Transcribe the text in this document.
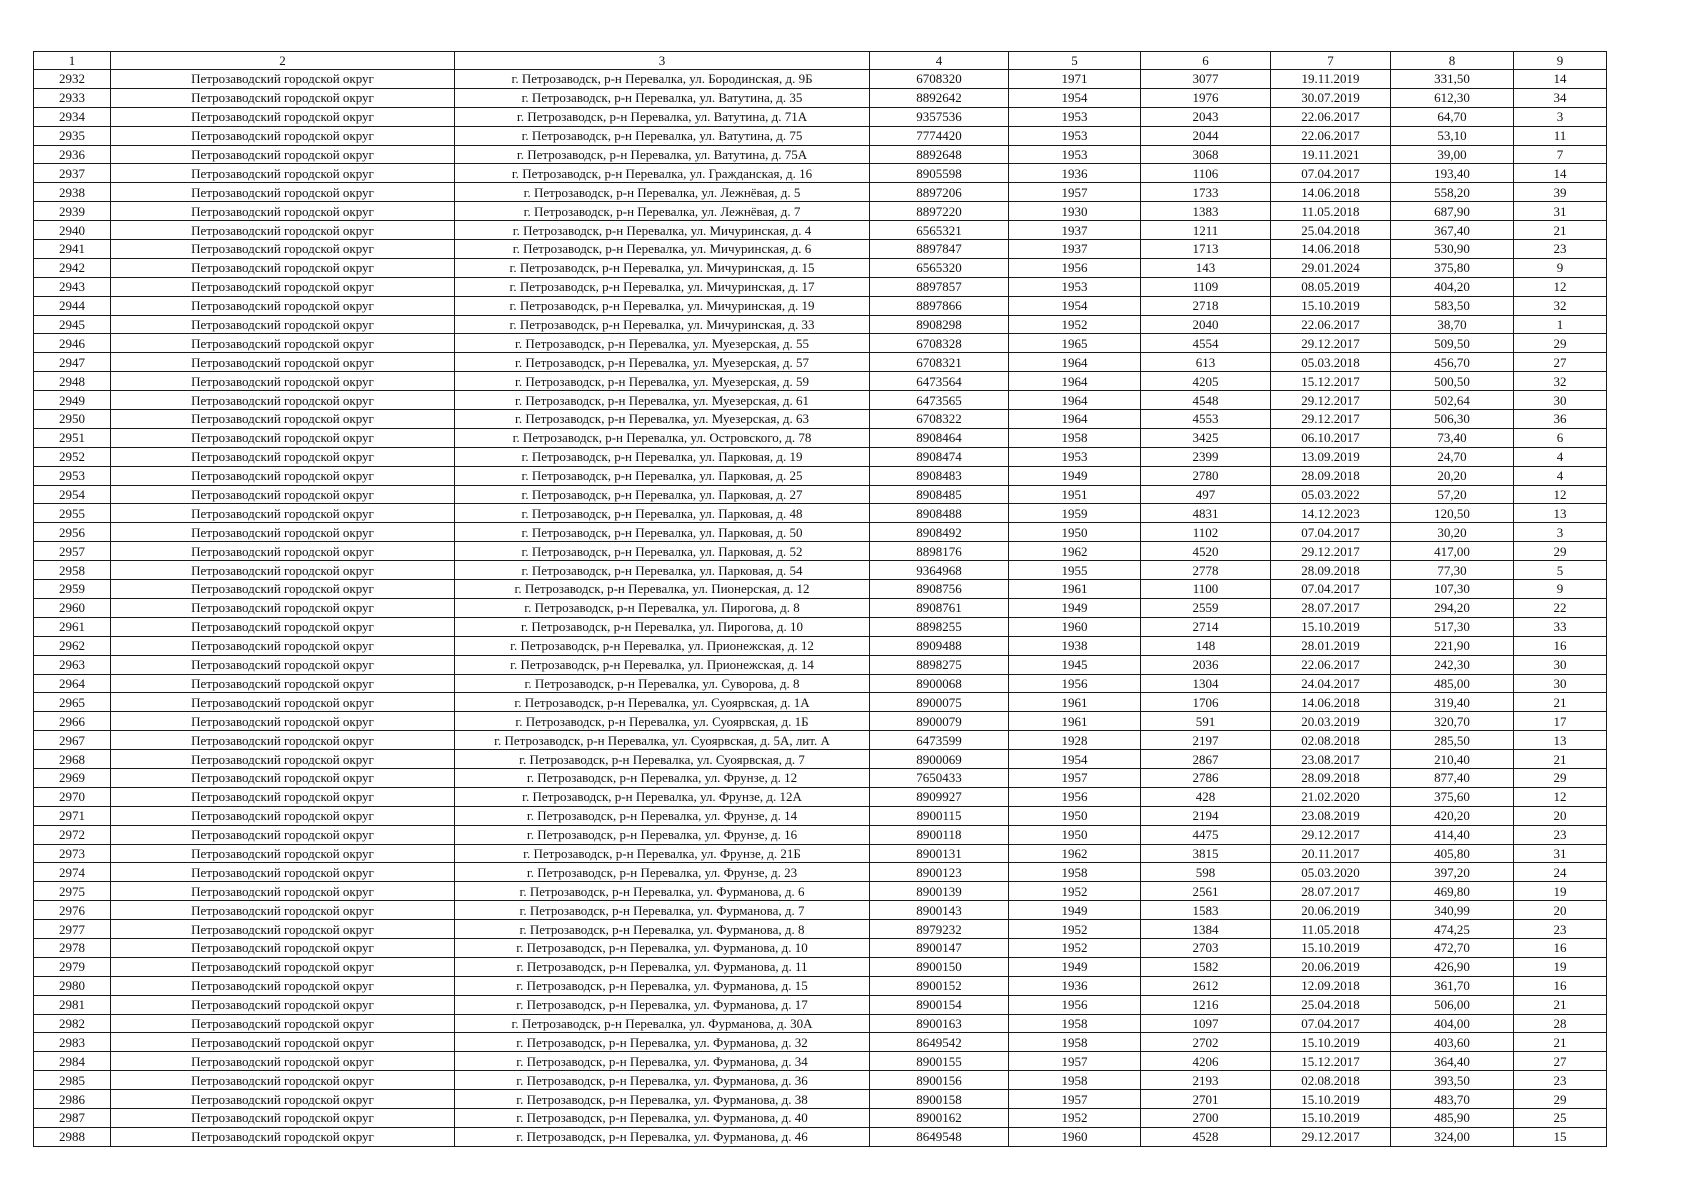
1	2	3	4	5	6	7	8	9
2932	Петрозаводский городской округ	г. Петрозаводск, р-н Перевалка, ул. Бородинская, д. 9Б	6708320	1971	3077	19.11.2019	331,50	14
2933	Петрозаводский городской округ	г. Петрозаводск, р-н Перевалка, ул. Ватутина, д. 35	8892642	1954	1976	30.07.2019	612,30	34
2934	Петрозаводский городской округ	г. Петрозаводск, р-н Перевалка, ул. Ватутина, д. 71А	9357536	1953	2043	22.06.2017	64,70	3
2935	Петрозаводский городской округ	г. Петрозаводск, р-н Перевалка, ул. Ватутина, д. 75	7774420	1953	2044	22.06.2017	53,10	11
2936	Петрозаводский городской округ	г. Петрозаводск, р-н Перевалка, ул. Ватутина, д. 75А	8892648	1953	3068	19.11.2021	39,00	7
2937	Петрозаводский городской округ	г. Петрозаводск, р-н Перевалка, ул. Гражданская, д. 16	8905598	1936	1106	07.04.2017	193,40	14
2938	Петрозаводский городской округ	г. Петрозаводск, р-н Перевалка, ул. Лежнёвая, д. 5	8897206	1957	1733	14.06.2018	558,20	39
2939	Петрозаводский городской округ	г. Петрозаводск, р-н Перевалка, ул. Лежнёвая, д. 7	8897220	1930	1383	11.05.2018	687,90	31
2940	Петрозаводский городской округ	г. Петрозаводск, р-н Перевалка, ул. Мичуринская, д. 4	6565321	1937	1211	25.04.2018	367,40	21
2941	Петрозаводский городской округ	г. Петрозаводск, р-н Перевалка, ул. Мичуринская, д. 6	8897847	1937	1713	14.06.2018	530,90	23
2942	Петрозаводский городской округ	г. Петрозаводск, р-н Перевалка, ул. Мичуринская, д. 15	6565320	1956	143	29.01.2024	375,80	9
2943	Петрозаводский городской округ	г. Петрозаводск, р-н Перевалка, ул. Мичуринская, д. 17	8897857	1953	1109	08.05.2019	404,20	12
2944	Петрозаводский городской округ	г. Петрозаводск, р-н Перевалка, ул. Мичуринская, д. 19	8897866	1954	2718	15.10.2019	583,50	32
2945	Петрозаводский городской округ	г. Петрозаводск, р-н Перевалка, ул. Мичуринская, д. 33	8908298	1952	2040	22.06.2017	38,70	1
2946	Петрозаводский городской округ	г. Петрозаводск, р-н Перевалка, ул. Муезерская, д. 55	6708328	1965	4554	29.12.2017	509,50	29
2947	Петрозаводский городской округ	г. Петрозаводск, р-н Перевалка, ул. Муезерская, д. 57	6708321	1964	613	05.03.2018	456,70	27
2948	Петрозаводский городской округ	г. Петрозаводск, р-н Перевалка, ул. Муезерская, д. 59	6473564	1964	4205	15.12.2017	500,50	32
2949	Петрозаводский городской округ	г. Петрозаводск, р-н Перевалка, ул. Муезерская, д. 61	6473565	1964	4548	29.12.2017	502,64	30
2950	Петрозаводский городской округ	г. Петрозаводск, р-н Перевалка, ул. Муезерская, д. 63	6708322	1964	4553	29.12.2017	506,30	36
2951	Петрозаводский городской округ	г. Петрозаводск, р-н Перевалка, ул. Островского, д. 78	8908464	1958	3425	06.10.2017	73,40	6
2952	Петрозаводский городской округ	г. Петрозаводск, р-н Перевалка, ул. Парковая, д. 19	8908474	1953	2399	13.09.2019	24,70	4
2953	Петрозаводский городской округ	г. Петрозаводск, р-н Перевалка, ул. Парковая, д. 25	8908483	1949	2780	28.09.2018	20,20	4
2954	Петрозаводский городской округ	г. Петрозаводск, р-н Перевалка, ул. Парковая, д. 27	8908485	1951	497	05.03.2022	57,20	12
2955	Петрозаводский городской округ	г. Петрозаводск, р-н Перевалка, ул. Парковая, д. 48	8908488	1959	4831	14.12.2023	120,50	13
2956	Петрозаводский городской округ	г. Петрозаводск, р-н Перевалка, ул. Парковая, д. 50	8908492	1950	1102	07.04.2017	30,20	3
2957	Петрозаводский городской округ	г. Петрозаводск, р-н Перевалка, ул. Парковая, д. 52	8898176	1962	4520	29.12.2017	417,00	29
2958	Петрозаводский городской округ	г. Петрозаводск, р-н Перевалка, ул. Парковая, д. 54	9364968	1955	2778	28.09.2018	77,30	5
2959	Петрозаводский городской округ	г. Петрозаводск, р-н Перевалка, ул. Пионерская, д. 12	8908756	1961	1100	07.04.2017	107,30	9
2960	Петрозаводский городской округ	г. Петрозаводск, р-н Перевалка, ул. Пирогова, д. 8	8908761	1949	2559	28.07.2017	294,20	22
2961	Петрозаводский городской округ	г. Петрозаводск, р-н Перевалка, ул. Пирогова, д. 10	8898255	1960	2714	15.10.2019	517,30	33
2962	Петрозаводский городской округ	г. Петрозаводск, р-н Перевалка, ул. Прионежская, д. 12	8909488	1938	148	28.01.2019	221,90	16
2963	Петрозаводский городской округ	г. Петрозаводск, р-н Перевалка, ул. Прионежская, д. 14	8898275	1945	2036	22.06.2017	242,30	30
2964	Петрозаводский городской округ	г. Петрозаводск, р-н Перевалка, ул. Суворова, д. 8	8900068	1956	1304	24.04.2017	485,00	30
2965	Петрозаводский городской округ	г. Петрозаводск, р-н Перевалка, ул. Суоярвская, д. 1А	8900075	1961	1706	14.06.2018	319,40	21
2966	Петрозаводский городской округ	г. Петрозаводск, р-н Перевалка, ул. Суоярвская, д. 1Б	8900079	1961	591	20.03.2019	320,70	17
2967	Петрозаводский городской округ	г. Петрозаводск, р-н Перевалка, ул. Суоярвская, д. 5А, лит. А	6473599	1928	2197	02.08.2018	285,50	13
2968	Петрозаводский городской округ	г. Петрозаводск, р-н Перевалка, ул. Суоярвская, д. 7	8900069	1954	2867	23.08.2017	210,40	21
2969	Петрозаводский городской округ	г. Петрозаводск, р-н Перевалка, ул. Фрунзе, д. 12	7650433	1957	2786	28.09.2018	877,40	29
2970	Петрозаводский городской округ	г. Петрозаводск, р-н Перевалка, ул. Фрунзе, д. 12А	8909927	1956	428	21.02.2020	375,60	12
2971	Петрозаводский городской округ	г. Петрозаводск, р-н Перевалка, ул. Фрунзе, д. 14	8900115	1950	2194	23.08.2019	420,20	20
2972	Петрозаводский городской округ	г. Петрозаводск, р-н Перевалка, ул. Фрунзе, д. 16	8900118	1950	4475	29.12.2017	414,40	23
2973	Петрозаводский городской округ	г. Петрозаводск, р-н Перевалка, ул. Фрунзе, д. 21Б	8900131	1962	3815	20.11.2017	405,80	31
2974	Петрозаводский городской округ	г. Петрозаводск, р-н Перевалка, ул. Фрунзе, д. 23	8900123	1958	598	05.03.2020	397,20	24
2975	Петрозаводский городской округ	г. Петрозаводск, р-н Перевалка, ул. Фурманова, д. 6	8900139	1952	2561	28.07.2017	469,80	19
2976	Петрозаводский городской округ	г. Петрозаводск, р-н Перевалка, ул. Фурманова, д. 7	8900143	1949	1583	20.06.2019	340,99	20
2977	Петрозаводский городской округ	г. Петрозаводск, р-н Перевалка, ул. Фурманова, д. 8	8979232	1952	1384	11.05.2018	474,25	23
2978	Петрозаводский городской округ	г. Петрозаводск, р-н Перевалка, ул. Фурманова, д. 10	8900147	1952	2703	15.10.2019	472,70	16
2979	Петрозаводский городской округ	г. Петрозаводск, р-н Перевалка, ул. Фурманова, д. 11	8900150	1949	1582	20.06.2019	426,90	19
2980	Петрозаводский городской округ	г. Петрозаводск, р-н Перевалка, ул. Фурманова, д. 15	8900152	1936	2612	12.09.2018	361,70	16
2981	Петрозаводский городской округ	г. Петрозаводск, р-н Перевалка, ул. Фурманова, д. 17	8900154	1956	1216	25.04.2018	506,00	21
2982	Петрозаводский городской округ	г. Петрозаводск, р-н Перевалка, ул. Фурманова, д. 30А	8900163	1958	1097	07.04.2017	404,00	28
2983	Петрозаводский городской округ	г. Петрозаводск, р-н Перевалка, ул. Фурманова, д. 32	8649542	1958	2702	15.10.2019	403,60	21
2984	Петрозаводский городской округ	г. Петрозаводск, р-н Перевалка, ул. Фурманова, д. 34	8900155	1957	4206	15.12.2017	364,40	27
2985	Петрозаводский городской округ	г. Петрозаводск, р-н Перевалка, ул. Фурманова, д. 36	8900156	1958	2193	02.08.2018	393,50	23
2986	Петрозаводский городской округ	г. Петрозаводск, р-н Перевалка, ул. Фурманова, д. 38	8900158	1957	2701	15.10.2019	483,70	29
2987	Петрозаводский городской округ	г. Петрозаводск, р-н Перевалка, ул. Фурманова, д. 40	8900162	1952	2700	15.10.2019	485,90	25
2988	Петрозаводский городской округ	г. Петрозаводск, р-н Перевалка, ул. Фурманова, д. 46	8649548	1960	4528	29.12.2017	324,00	15
